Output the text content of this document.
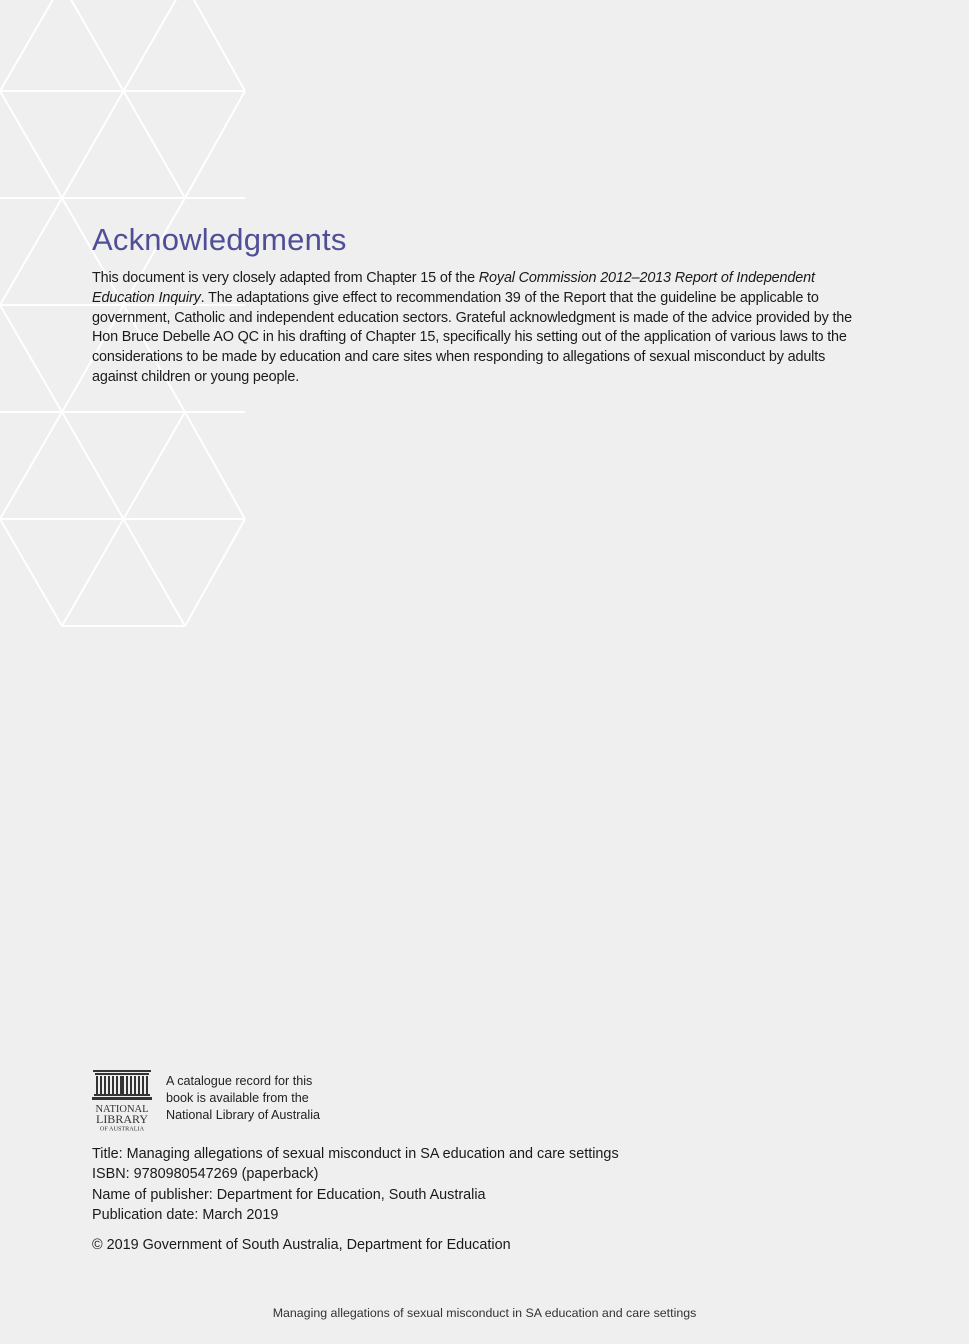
Acknowledgments

This document is very closely adapted from Chapter 15 of the Royal Commission 2012–2013 Report of Independent Education Inquiry. The adaptations give effect to recommendation 39 of the Report that the guideline be applicable to government, Catholic and independent education sectors. Grateful acknowledgment is made of the advice provided by the Hon Bruce Debelle AO QC in his drafting of Chapter 15, specifically his setting out of the application of various laws to the considerations to be made by education and care sites when responding to allegations of sexual misconduct by adults against children or young people.

NATIONAL
LIBRARY
OF AUSTRALIA
A catalogue record for this
book is available from the
National Library of Australia
Title: Managing allegations of sexual misconduct in SA education and care settings
ISBN: 9780980547269 (paperback)
Name of publisher: Department for Education, South Australia
Publication date: March 2019
© 2019 Government of South Australia, Department for Education
Managing allegations of sexual misconduct in SA education and care settings
